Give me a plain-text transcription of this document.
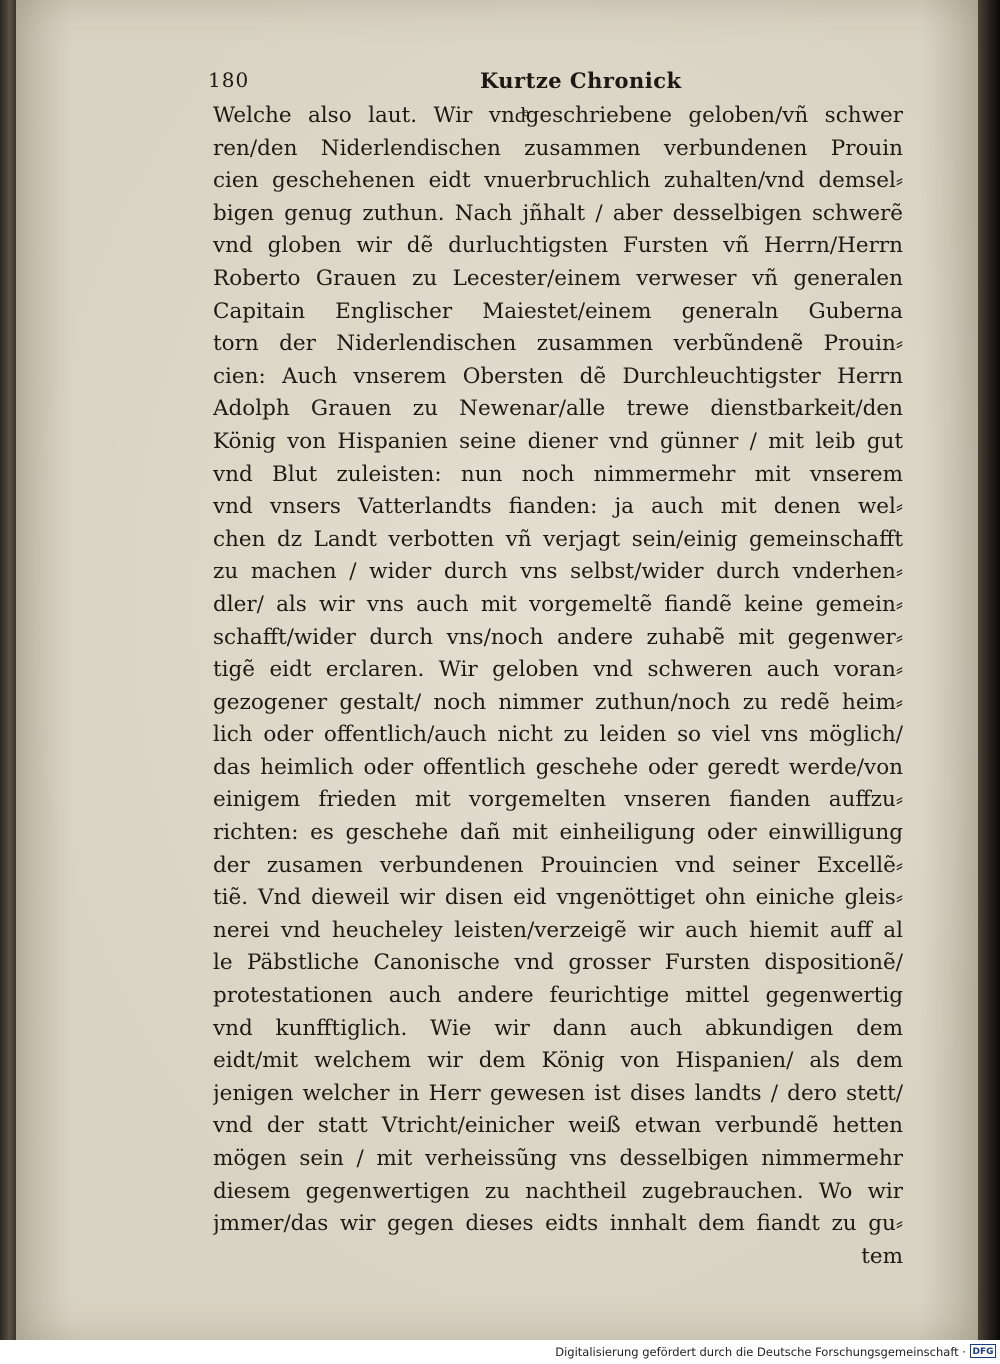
180	Kurtze Chronick
Welche also laut. Wir vndͤgeschriebene geloben/vñ schwer
ren/den Niderlendischen zusammen verbundenen Prouin
cien geschehenen eidt vnuerbruchlich zuhalten/vnd demsel⸗
bigen genug zuthun. Nach jñhalt / aber desselbigen schwerẽ
vnd globen wir dẽ durluchtigsten Fursten vñ Herrn/Herrn
Roberto Grauen zu Lecester/einem verweser vñ generalen
Capitain Englischer Maiestet/einem generaln Guberna
torn der Niderlendischen zusammen verbũndenẽ Prouin⸗
cien: Auch vnserem Obersten dẽ Durchleuchtigster Herrn
Adolph Grauen zu Newenar/alle trewe dienstbarkeit/den
König von Hispanien seine diener vnd günner / mit leib gut
vnd Blut zuleisten: nun noch nimmermehr mit vnserem
vnd vnsers Vatterlandts fianden: ja auch mit denen wel⸗
chen dz Landt verbotten vñ verjagt sein/einig gemeinschafft
zu machen / wider durch vns selbst/wider durch vnderhen⸗
dler/ als wir vns auch mit vorgemeltẽ fiandẽ keine gemein⸗
schafft/wider durch vns/noch andere zuhabẽ mit gegenwer⸗
tigẽ eidt erclaren. Wir geloben vnd schweren auch voran⸗
gezogener gestalt/ noch nimmer zuthun/noch zu redẽ heim⸗
lich oder offentlich/auch nicht zu leiden so viel vns möglich/
das heimlich oder offentlich geschehe oder geredt werde/von
einigem frieden mit vorgemelten vnseren fianden auffzu⸗
richten: es geschehe dañ mit einheiligung oder einwilligung
der zusamen verbundenen Prouincien vnd seiner Excellẽ⸗
tiẽ. Vnd dieweil wir disen eid vngenöttiget ohn einiche gleis⸗
nerei vnd heucheley leisten/verzeigẽ wir auch hiemit auff al
le Päbstliche Canonische vnd grosser Fursten dispositionẽ/
protestationen auch andere feurichtige mittel gegenwertig
vnd kunfftiglich. Wie wir dann auch abkundigen dem
eidt/mit welchem wir dem König von Hispanien/ als dem
jenigen welcher in Herr gewesen ist dises landts / dero stett/
vnd der statt Vtricht/einicher weiß etwan verbundẽ hetten
mögen sein / mit verheissũng vns desselbigen nimmermehr
diesem gegenwertigen zu nachtheil zugebrauchen. Wo wir
jmmer/das wir gegen dieses eidts innhalt dem fiandt zu gu⸗
tem
Digitalisierung gefördert durch die Deutsche Forschungsgemeinschaft · DFG
